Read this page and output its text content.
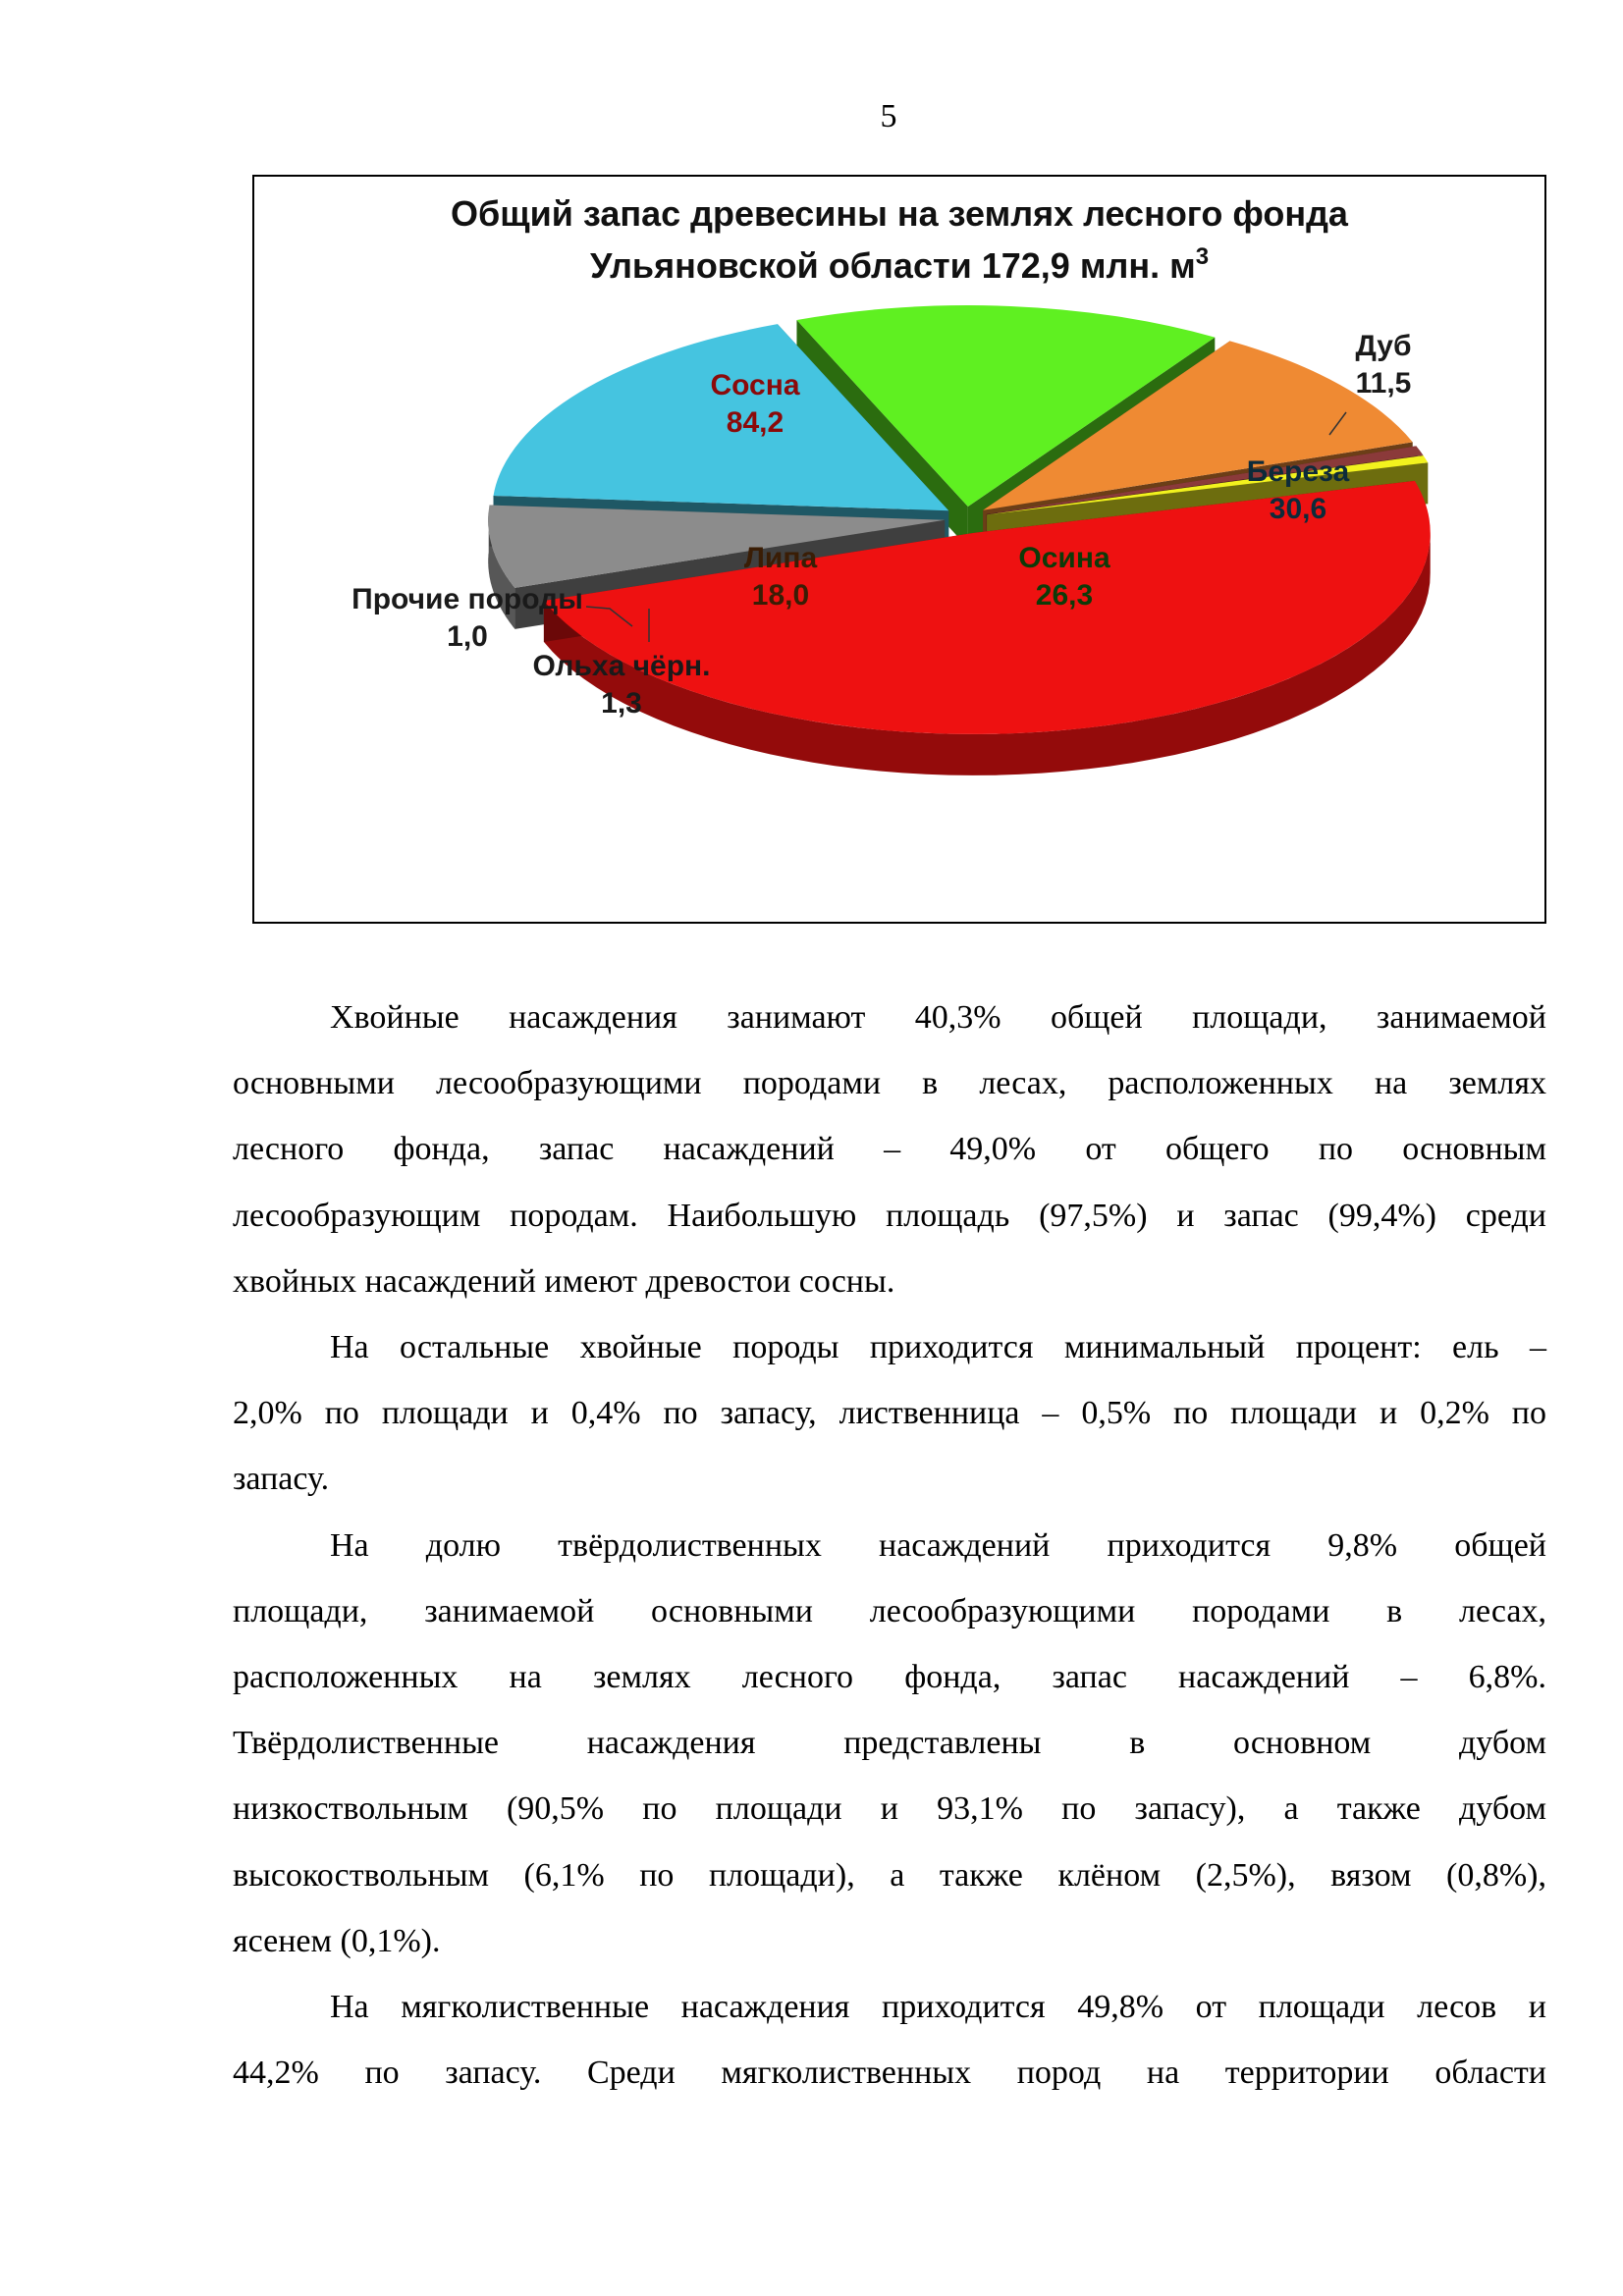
5
Общий запас древесины на землях лесного фонда
Ульяновской области 172,9 млн. $м^3$
Сосна
84,2
Дуб
11,5
Береза
30,6
Осина
26,3
Липа
18,0
Ольха чёрн.
1,3
Прочие породы
1,0
Хвойные насаждения занимают 40,3% общей площади, занимаемой
основными лесообразующими породами в лесах, расположенных на землях
лесного фонда, запас насаждений – 49,0% от общего по основным
лесообразующим породам. Наибольшую площадь (97,5%) и запас (99,4%) среди
хвойных насаждений имеют древостои сосны.
На остальные хвойные породы приходится минимальный процент: ель –
2,0% по площади и 0,4% по запасу, лиственница – 0,5% по площади и 0,2% по
запасу.
На долю твёрдолиственных насаждений приходится 9,8% общей
площади, занимаемой основными лесообразующими породами в лесах,
расположенных на землях лесного фонда, запас насаждений – 6,8%.
Твёрдолиственные насаждения представлены в основном дубом
низкоствольным (90,5% по площади и 93,1% по запасу), а также дубом
высокоствольным (6,1% по площади), а также клёном (2,5%), вязом (0,8%),
ясенем (0,1%).
На мягколиственные насаждения приходится 49,8% от площади лесов и
44,2% по запасу. Среди мягколиственных пород на территории области
